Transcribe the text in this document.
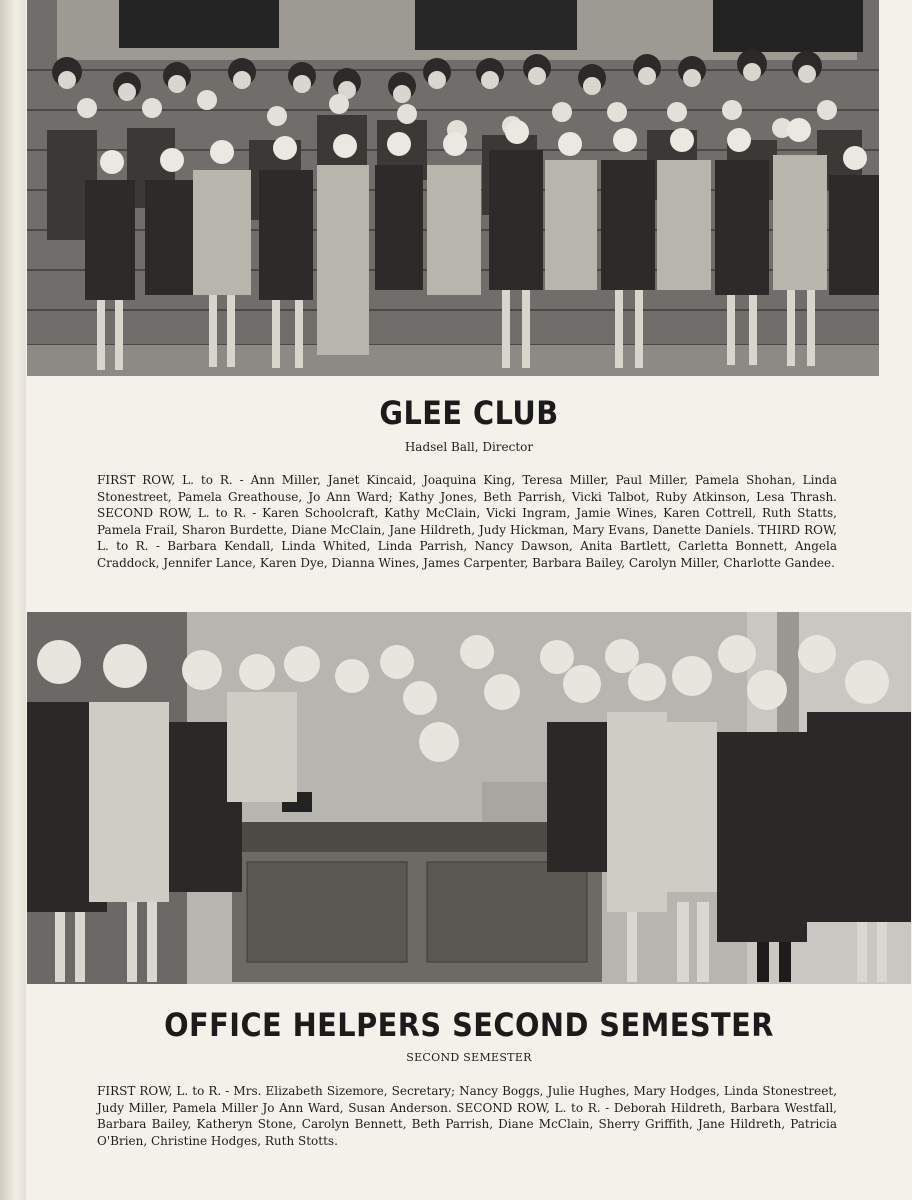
GLEE CLUB
Hadsel Ball, Director

FIRST ROW, L. to R. - Ann Miller, Janet Kincaid, Joaquina King, Teresa Miller, Paul Miller, Pamela Shohan, Linda Stonestreet, Pamela Greathouse, Jo Ann Ward; Kathy Jones, Beth Parrish, Vicki Talbot, Ruby Atkinson, Lesa Thrash. SECOND ROW, L. to R. - Karen Schoolcraft, Kathy McClain, Vicki Ingram, Jamie Wines, Karen Cottrell, Ruth Statts, Pamela Frail, Sharon Burdette, Diane McClain, Jane Hildreth, Judy Hickman, Mary Evans, Danette Daniels. THIRD ROW, L. to R. - Barbara Kendall, Linda Whited, Linda Parrish, Nancy Dawson, Anita Bartlett, Carletta Bonnett, Angela Craddock, Jennifer Lance, Karen Dye, Dianna Wines, James Carpenter, Barbara Bailey, Carolyn Miller, Charlotte Gandee.

OFFICE HELPERS SECOND SEMESTER
SECOND SEMESTER

FIRST ROW, L. to R. - Mrs. Elizabeth Sizemore, Secretary; Nancy Boggs, Julie Hughes, Mary Hodges, Linda Stonestreet, Judy Miller, Pamela Miller Jo Ann Ward, Susan Anderson. SECOND ROW, L. to R. - Deborah Hildreth, Barbara Westfall, Barbara Bailey, Katheryn Stone, Carolyn Bennett, Beth Parrish, Diane McClain, Sherry Griffith, Jane Hildreth, Patricia O'Brien, Christine Hodges, Ruth Stotts.
